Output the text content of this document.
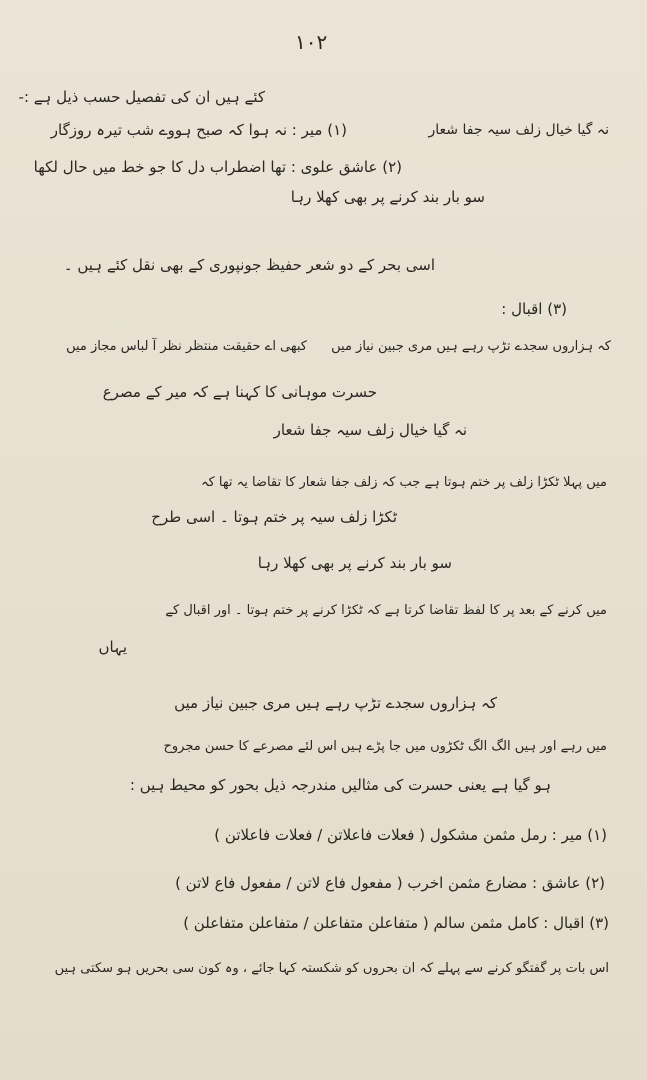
١٠٢
کئے ہیں ان کی تفصیل حسب ذیل ہے :-
(۱) میر : نہ ہوا کہ صبح ہووے شب تیرہ روزگار	نہ گیا خیال زلف سیہ جفا شعار
(۲) عاشق علوی : تھا اضطراب دل کا جو خط میں حال لکھا
سو بار بند کرنے پر بھی کھلا رہا
اسی بحر کے دو شعر حفیظ جونپوری کے بھی نقل کئے ہیں ۔
(۳) اقبال :
کبھی اے حقیقت منتظر نظر آ لباس مجاز میں کہ ہزاروں سجدے تڑپ رہے ہیں مری جبین نیاز میں
حسرت موہانی کا کہنا ہے کہ میر کے مصرع
نہ گیا خیال زلف سیہ جفا شعار
میں پہلا ٹکڑا زلف پر ختم ہوتا ہے جب کہ زلف جفا شعار کا تقاضا یہ تھا کہ
ٹکڑا زلف سیہ پر ختم ہوتا ۔ اسی طرح
سو بار بند کرنے پر بھی کھلا رہا
میں کرنے کے بعد پر کا لفظ تقاضا کرتا ہے کہ ٹکڑا کرنے پر ختم ہوتا ۔ اور اقبال کے
یہاں
کہ ہزاروں سجدے تڑپ رہے ہیں مری جبین نیاز میں
میں رہے اور ہیں الگ الگ ٹکڑوں میں جا پڑے ہیں اس لئے مصرعے کا حسن مجروح
ہو گیا ہے یعنی حسرت کی مثالیں مندرجہ ذیل بحور کو محیط ہیں :
(۱) میر : رمل مثمن مشکول ( فعلات فاعلاتن / فعلات فاعلاتن )
(۲) عاشق : مضارع مثمن اخرب ( مفعول فاع لاتن / مفعول فاع لاتن )
(۳) اقبال : کامل مثمن سالم ( متفاعلن متفاعلن / متفاعلن متفاعلن )
اس بات پر گفتگو کرنے سے پہلے کہ ان بحروں کو شکستہ کہا جائے ، وہ کون سی بحریں ہو سکتی ہیں
